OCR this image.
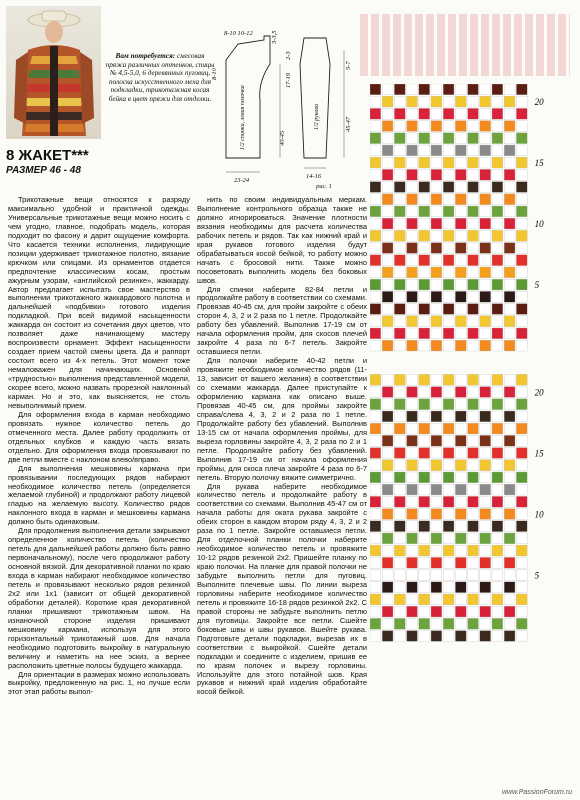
Вам потребуется: смесовая пряжа различных оттенков, спицы № 4,5-5,0, 6 деревянных пуговиц, полоска искусственного меха для подкладки, трикотажная косая бейка в цвет пряжи для отделки.
8 ЖАКЕТ***
РАЗМЕР 46 - 48
8-10 10-12	3-3,5
8-10	17-19
2-3
40-45
23-24
5-7
45-47
14-16
1/2 спинки, левая полочка	1/2 рукава
рис. 1

Трикотажные вещи относятся к разряду максимально удобной и практичной одежды. Универсальные трикотажные вещи можно носить с чем угодно, главное, подобрать модель, которая подходит по фасону и дарит ощущение комфорта. Что касается техники исполнения, лидирующие позиции удерживает трикотажное полотно, вязание крючком или спицами. Из орнаментов отдается предпочтение классическим косам, простым ажурным узорам, «английской резинке», жаккарду. Автор предлагает испытать свое мастерство в выполнении трикотажного жаккардового полотна и дальнейшей «подбивки» готового изделия подкладкой. При всей видимой насыщенности жаккарда он состоит из сочетания двух цветов, что позволяет даже начинающему мастеру воспроизвести орнамент. Эффект насыщенности создает прием частой смены цвета. Да и раппорт состоит всего из 4-х петель. Этот момент тоже немаловажен для начинающих. Основной «трудностью» выполнения представленной модели, скорее всего, можно назвать прорезной наклонный карман. Но и это, как выясняется, не столь невыполнимый прием.

Для оформления входа в карман необходимо провязать нужное количество петель до отмеченного места. Далее работу продолжить от отдельных клубков и каждую часть вязать отдельно. Для оформления входа провязывают по две петли вместе с наклоном влево/вправо.

Для выполнения мешковины кармана при провязывании последующих рядов набирают необходимое количество петель (определяется желаемой глубиной) и продолжают работу лицевой гладью на желаемую высоту. Количество рядов наклонного входа в карман и мешковины кармана должно быть одинаковым.

Для продолжения выполнения детали закрывают определенное количество петель (количество петель для дальнейшей работы должно быть равно первоначальному), после чего продолжают работу основной вязкой. Для декоративной планки по краю входа в карман набирают необходимое количество петель и провязывают несколько рядов резинкой 2х2 или 1х1 (зависит от общей декоративной обработки деталей). Короткие края декоративной планки пришивают трикотажным швом. На изнаночной стороне изделия пришивают мешковину кармана, используя для этого горизонтальный трикотажный шов. Для начала необходимо подготовить выкройку в натуральную величину и наметить на нее эскиз, а вернее расположить цветные полосы будущего жаккарда.

Для ориентации в размерах можно использовать выкройку, предложенную на рис. 1, но лучше если этот этап работы выпол-

нить по своим индивидуальным меркам. Выполнение контрольного образца также не должно игнорироваться. Значение плотности вязания необходимы для расчета количества рабочих петель и рядов. Так как нижний край и края рукавов готового изделия будут обрабатываться косой бейкой, то работу можно начать с бросовой нити. Также можно посоветовать выполнить модель без боковых швов.

Для спинки наберите 82-84 петли и продолжайте работу в соответствии со схемами. Провязав 40-45 см, для пройм закройте с обеих сторон 4, 3, 2 и 2 раза по 1 петле. Продолжайте работу без убавлений. Выполнив 17-19 см от начала оформления пройм, для скосов плечей закройте 4 раза по 6-7 петель. Закройте оставшиеся петли.

Для полочки наберите 40-42 петли и провяжите необходимое количество рядов (11-13, зависит от вашего желания) в соответствии со схемами жаккарда. Далее приступайте к оформлению кармана как описано выше. Провязав 40-45 см, для проймы закройте справа/слева 4, 3, 2 и 2 раза по 1 петле. Продолжайте работу без убавлений. Выполнив 13-15 см от начала оформления проймы, для выреза горловины закройте 4, 3, 2 раза по 2 и 1 петле. Продолжайте работу без убавлений. Выполнив 17-19 см от начала оформления проймы, для скоса плеча закройте 4 раза по 6-7 петель. Вторую полочку вяжите симметрично.

Для рукава наберите необходимое количество петель и продолжайте работу в соответствии со схемами. Выполнив 45-47 см от начала работы для оката рукава закройте с обеих сторон в каждом втором ряду 4, 3, 2 и 2 раза по 1 петле. Закройте оставшиеся петли. Для отделочной планки полочки наберите необходимое количество петель и провяжите 10-12 рядов резинкой 2х2. Пришейте планку по краю полочки. На планке для правой полочки не забудьте выполнить петли для пуговиц. Выполните плечевые швы. По линии выреза горловины наберите необходимое количество петель и провяжите 16-18 рядов резинкой 2х2. С правой стороны не забудьте выполнить петлю для пуговицы. Закройте все петли. Сшейте боковые швы и швы рукавов. Вшейте рукава. Подготовьте детали подкладки, вырезав их в соответствии с выкройкой. Сшейте детали подкладки и соедините с изделием, пришив ее по краям полочек и вырезу горловины. Используйте для этого потайной шов. Края рукавов и нижний край изделия обработайте косой бейкой.

20
15
10
5
20
15
10
5
www.PassionForum.ru
